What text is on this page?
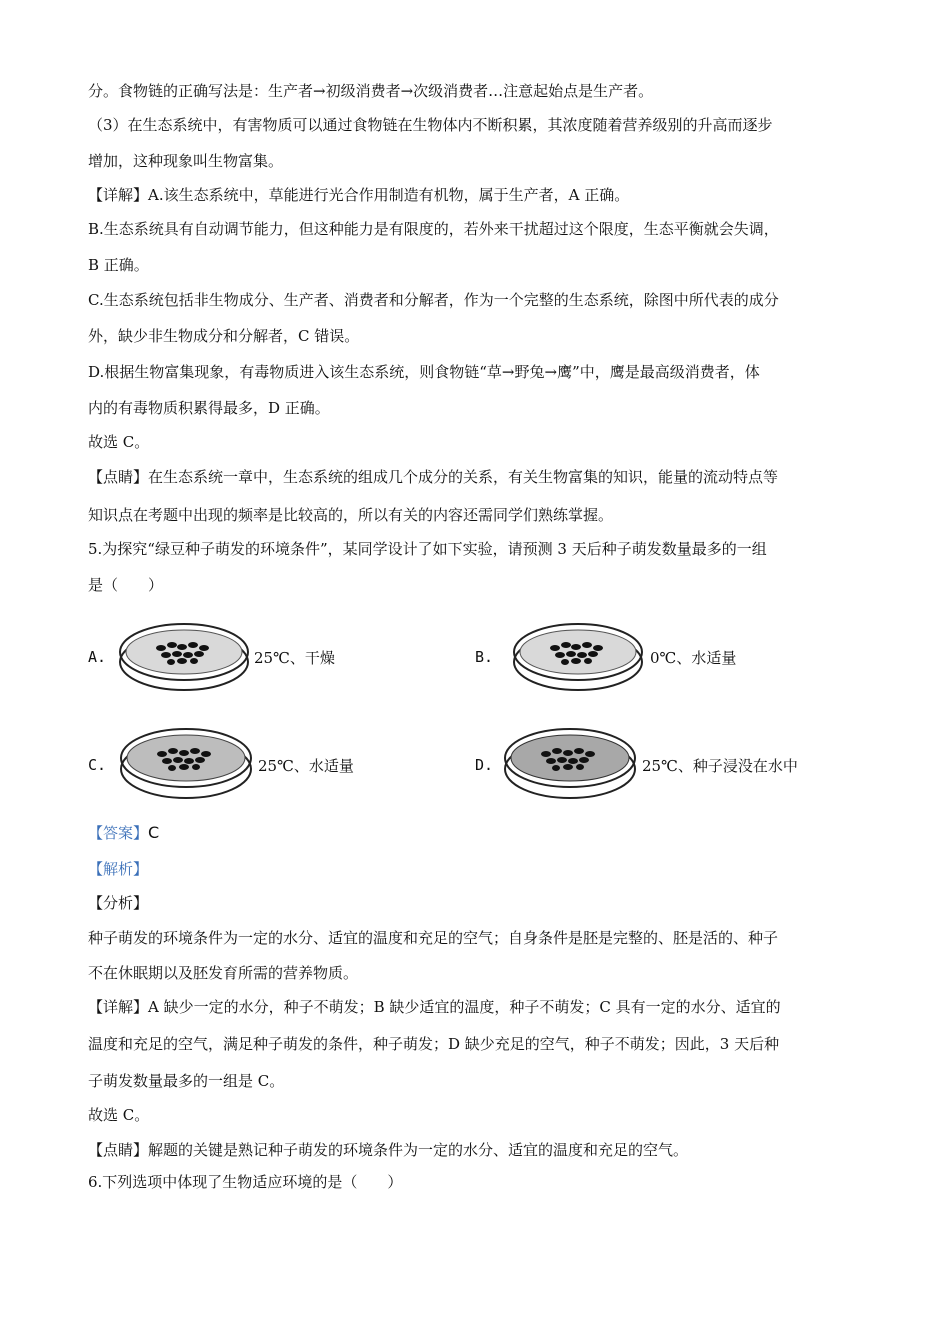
分。食物链的正确写法是：生产者→初级消费者→次级消费者…注意起始点是生产者。
（3）在生态系统中，有害物质可以通过食物链在生物体内不断积累，其浓度随着营养级别的升高而逐步
增加，这种现象叫生物富集。
【详解】A.该生态系统中，草能进行光合作用制造有机物，属于生产者，A 正确。
B.生态系统具有自动调节能力，但这种能力是有限度的，若外来干扰超过这个限度，生态平衡就会失调，
B 正确。
C.生态系统包括非生物成分、生产者、消费者和分解者，作为一个完整的生态系统，除图中所代表的成分
外，缺少非生物成分和分解者，C 错误。
D.根据生物富集现象，有毒物质进入该生态系统，则食物链“草→野兔→鹰”中，鹰是最高级消费者，体
内的有毒物质积累得最多，D 正确。
故选 C。
【点睛】在生态系统一章中，生态系统的组成几个成分的关系，有关生物富集的知识，能量的流动特点等
知识点在考题中出现的频率是比较高的，所以有关的内容还需同学们熟练掌握。
5.为探究“绿豆种子萌发的环境条件”，某同学设计了如下实验，请预测 3 天后种子萌发数量最多的一组
是（　　）
A.	25℃、干燥	B.	0℃、水适量
C.	25℃、水适量	D.	25℃、种子浸没在水中
【答案】C
【解析】
【分析】
种子萌发的环境条件为一定的水分、适宜的温度和充足的空气；自身条件是胚是完整的、胚是活的、种子
不在休眠期以及胚发育所需的营养物质。
【详解】A 缺少一定的水分，种子不萌发；B 缺少适宜的温度，种子不萌发；C 具有一定的水分、适宜的
温度和充足的空气，满足种子萌发的条件，种子萌发；D 缺少充足的空气，种子不萌发；因此，3 天后种
子萌发数量最多的一组是 C。
故选 C。
【点睛】解题的关键是熟记种子萌发的环境条件为一定的水分、适宜的温度和充足的空气。
6.下列选项中体现了生物适应环境的是（　　）
